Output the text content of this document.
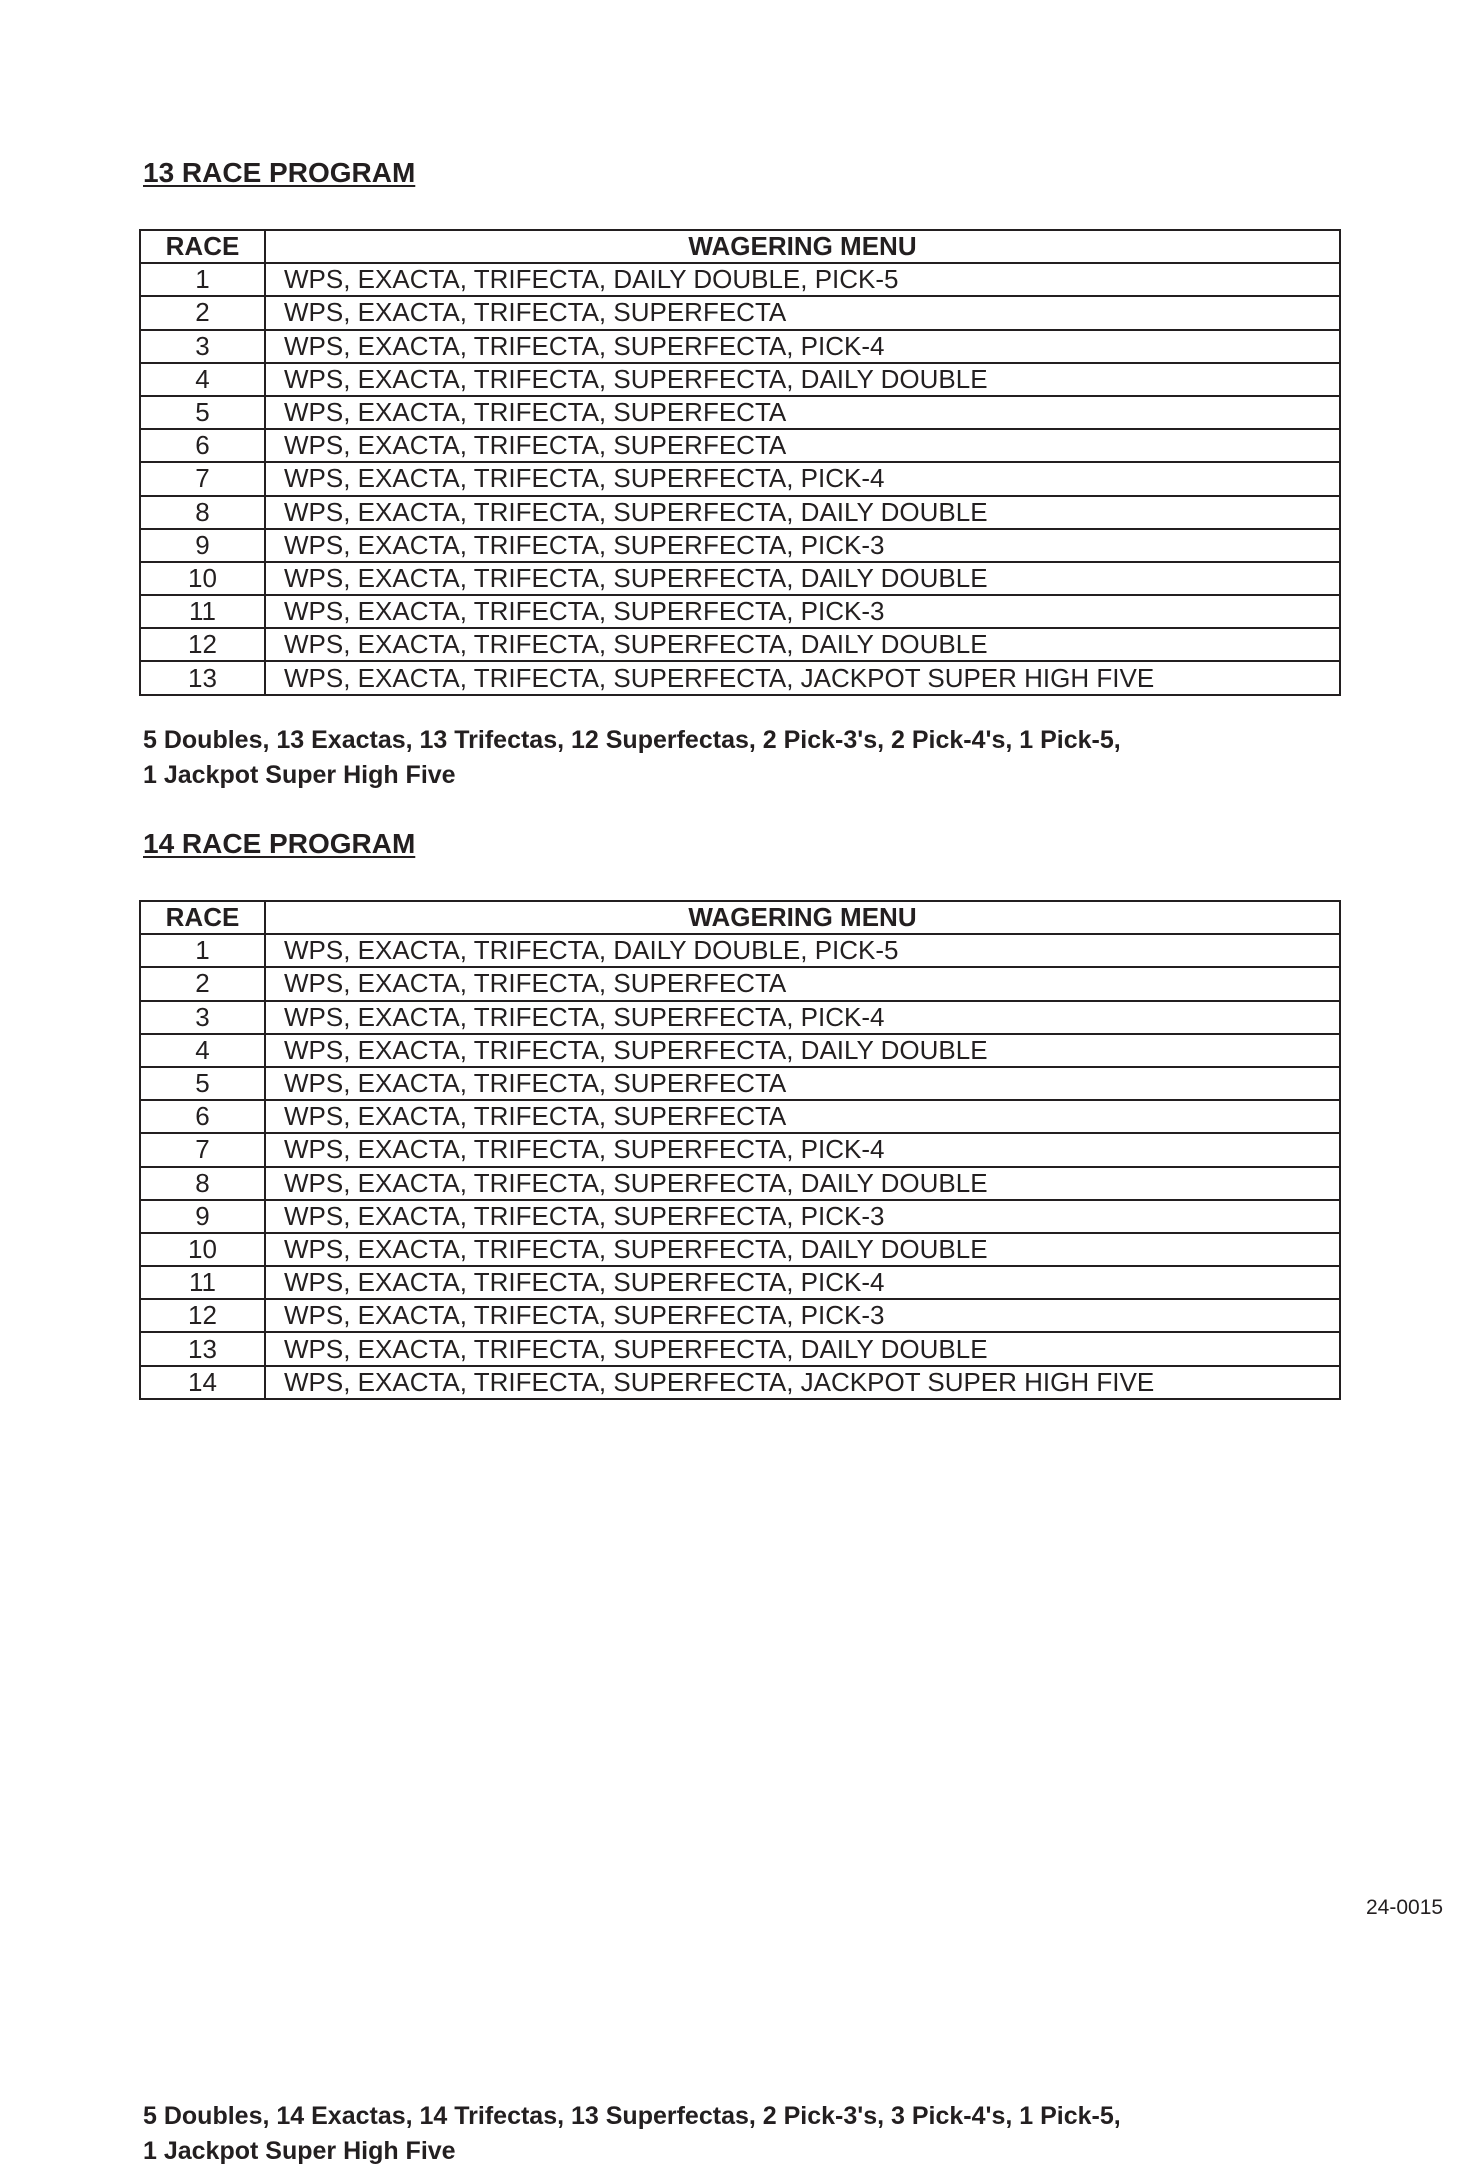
13 RACE PROGRAM
RACE	WAGERING MENU
1	WPS, EXACTA, TRIFECTA, DAILY DOUBLE, PICK-5
2	WPS, EXACTA, TRIFECTA, SUPERFECTA
3	WPS, EXACTA, TRIFECTA, SUPERFECTA, PICK-4
4	WPS, EXACTA, TRIFECTA, SUPERFECTA, DAILY DOUBLE
5	WPS, EXACTA, TRIFECTA, SUPERFECTA
6	WPS, EXACTA, TRIFECTA, SUPERFECTA
7	WPS, EXACTA, TRIFECTA, SUPERFECTA, PICK-4
8	WPS, EXACTA, TRIFECTA, SUPERFECTA, DAILY DOUBLE
9	WPS, EXACTA, TRIFECTA, SUPERFECTA, PICK-3
10	WPS, EXACTA, TRIFECTA, SUPERFECTA, DAILY DOUBLE
11	WPS, EXACTA, TRIFECTA, SUPERFECTA, PICK-3
12	WPS, EXACTA, TRIFECTA, SUPERFECTA, DAILY DOUBLE
13	WPS, EXACTA, TRIFECTA, SUPERFECTA, JACKPOT SUPER HIGH FIVE
5 Doubles, 13 Exactas, 13 Trifectas, 12 Superfectas, 2 Pick-3's, 2 Pick-4's, 1 Pick-5,
1 Jackpot Super High Five
14 RACE PROGRAM
RACE	WAGERING MENU
1	WPS, EXACTA, TRIFECTA, DAILY DOUBLE, PICK-5
2	WPS, EXACTA, TRIFECTA, SUPERFECTA
3	WPS, EXACTA, TRIFECTA, SUPERFECTA, PICK-4
4	WPS, EXACTA, TRIFECTA, SUPERFECTA, DAILY DOUBLE
5	WPS, EXACTA, TRIFECTA, SUPERFECTA
6	WPS, EXACTA, TRIFECTA, SUPERFECTA
7	WPS, EXACTA, TRIFECTA, SUPERFECTA, PICK-4
8	WPS, EXACTA, TRIFECTA, SUPERFECTA, DAILY DOUBLE
9	WPS, EXACTA, TRIFECTA, SUPERFECTA, PICK-3
10	WPS, EXACTA, TRIFECTA, SUPERFECTA, DAILY DOUBLE
11	WPS, EXACTA, TRIFECTA, SUPERFECTA, PICK-4
12	WPS, EXACTA, TRIFECTA, SUPERFECTA, PICK-3
13	WPS, EXACTA, TRIFECTA, SUPERFECTA, DAILY DOUBLE
14	WPS, EXACTA, TRIFECTA, SUPERFECTA, JACKPOT SUPER HIGH FIVE
5 Doubles, 14 Exactas, 14 Trifectas, 13 Superfectas, 2 Pick-3's, 3 Pick-4's, 1 Pick-5,
1 Jackpot Super High Five
24-0015
